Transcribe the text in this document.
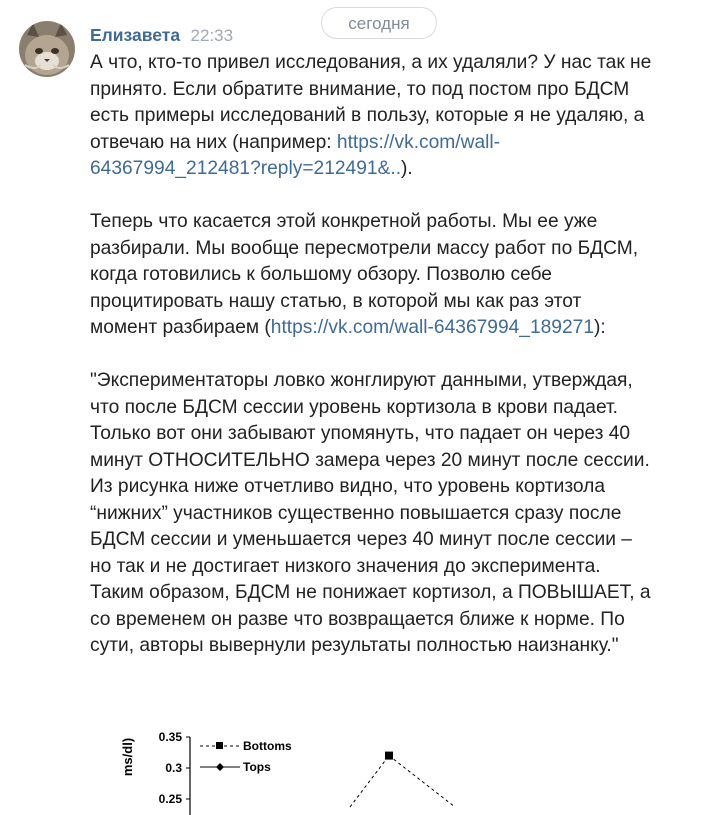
сегодня
Елизавета 22:33

А что, кто-то привел исследования, а их удаляли? У нас так не
принято. Если обратите внимание, то под постом про БДСМ
есть примеры исследований в пользу, которые я не удаляю, а
отвечаю на них (например: https://vk.com/wall-
64367994_212481?reply=212491&..).

Теперь что касается этой конкретной работы. Мы ее уже
разбирали. Мы вообще пересмотрели массу работ по БДСМ,
когда готовились к большому обзору. Позволю себе
процитировать нашу статью, в которой мы как раз этот
момент разбираем (https://vk.com/wall-64367994_189271):

"Экспериментаторы ловко жонглируют данными, утверждая,
что после БДСМ сессии уровень кортизола в крови падает.
Только вот они забывают упомянуть, что падает он через 40
минут ОТНОСИТЕЛЬНО замера через 20 минут после сессии.
Из рисунка ниже отчетливо видно, что уровень кортизола
“нижних” участников существенно повышается сразу после
БДСМ сессии и уменьшается через 40 минут после сессии –
но так и не достигает низкого значения до эксперимента.
Таким образом, БДСМ не понижает кортизол, а ПОВЫШАЕТ, а
со временем он разве что возвращается ближе к норме. По
сути, авторы вывернули результаты полностью наизнанку."

ms/dl)
0.35
0.3
0.25
Bottoms
Tops
